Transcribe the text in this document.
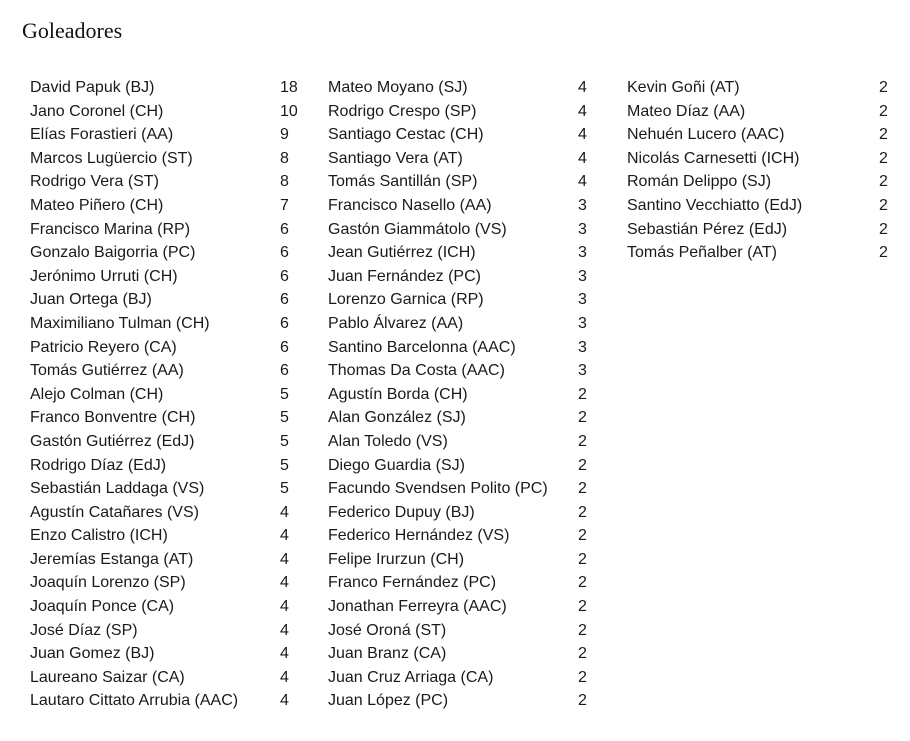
Goleadores
David Papuk (BJ)	18
Jano Coronel (CH)	10
Elías Forastieri (AA)	9
Marcos Lugüercio (ST)	8
Rodrigo Vera (ST)	8
Mateo Piñero (CH)	7
Francisco Marina (RP)	6
Gonzalo Baigorria (PC)	6
Jerónimo Urruti (CH)	6
Juan Ortega (BJ)	6
Maximiliano Tulman (CH)	6
Patricio Reyero (CA)	6
Tomás Gutiérrez (AA)	6
Alejo Colman (CH)	5
Franco Bonventre (CH)	5
Gastón Gutiérrez (EdJ)	5
Rodrigo Díaz (EdJ)	5
Sebastián Laddaga (VS)	5
Agustín Catañares (VS)	4
Enzo Calistro (ICH)	4
Jeremías Estanga (AT)	4
Joaquín Lorenzo (SP)	4
Joaquín Ponce (CA)	4
José Díaz (SP)	4
Juan Gomez (BJ)	4
Laureano Saizar (CA)	4
Lautaro Cittato Arrubia (AAC)	4
Mateo Moyano (SJ)	4
Rodrigo Crespo (SP)	4
Santiago Cestac (CH)	4
Santiago Vera (AT)	4
Tomás Santillán (SP)	4
Francisco Nasello (AA)	3
Gastón Giammátolo (VS)	3
Jean Gutiérrez (ICH)	3
Juan Fernández (PC)	3
Lorenzo Garnica (RP)	3
Pablo Álvarez (AA)	3
Santino Barcelonna (AAC)	3
Thomas Da Costa (AAC)	3
Agustín Borda (CH)	2
Alan González (SJ)	2
Alan Toledo (VS)	2
Diego Guardia (SJ)	2
Facundo Svendsen Polito (PC) 2
Federico Dupuy (BJ)	2
Federico Hernández (VS)	2
Felipe Irurzun (CH)	2
Franco Fernández (PC)	2
Jonathan Ferreyra (AAC)	2
José Oroná (ST)	2
Juan Branz (CA)	2
Juan Cruz Arriaga (CA)	2
Juan López (PC)	2
Kevin Goñi (AT)	2
Mateo Díaz (AA)	2
Nehuén Lucero (AAC)	2
Nicolás Carnesetti (ICH)	2
Román Delippo (SJ)	2
Santino Vecchiatto (EdJ)	2
Sebastián Pérez (EdJ)	2
Tomás Peñalber (AT)	2
